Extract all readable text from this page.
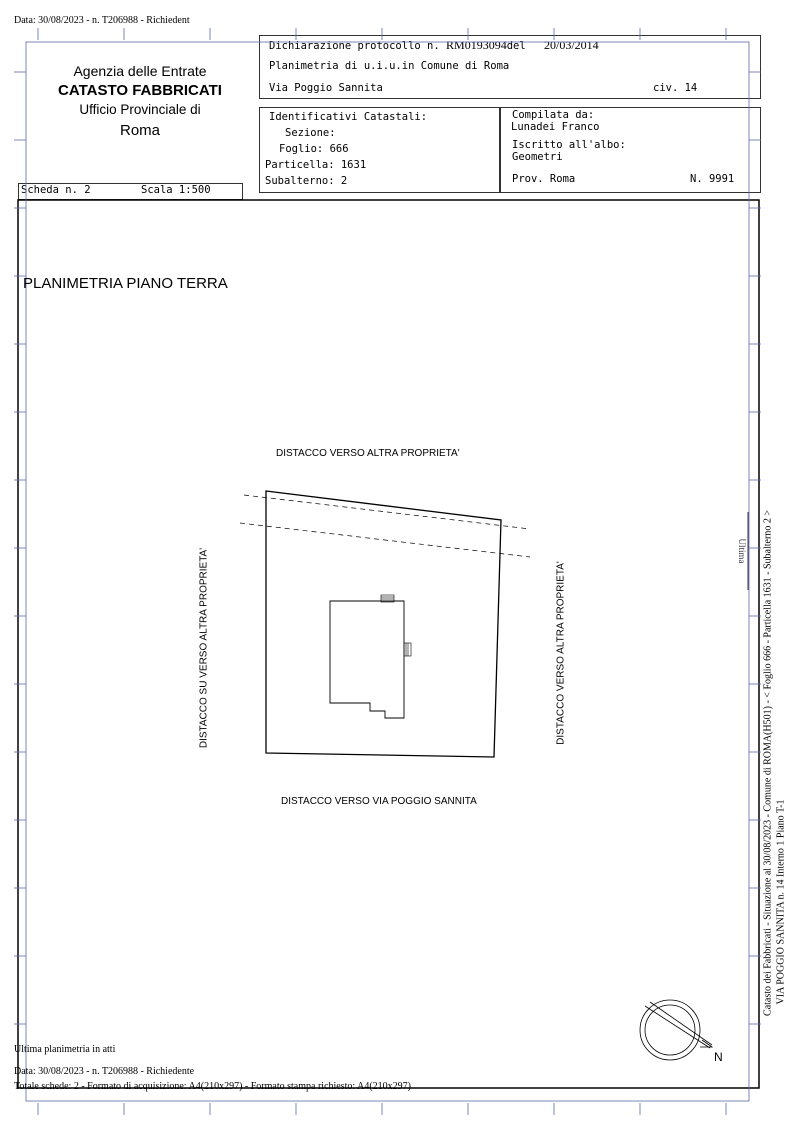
Data: 30/08/2023 - n. T206988 - Richiedent
Agenzia delle Entrate
CATASTO FABBRICATI
Ufficio Provinciale di
Roma
Dichiarazione protocollo n. RM0193094del 20/03/2014
Planimetria di u.i.u.in Comune di Roma
Via Poggio Sannita	civ. 14
Identificativi Catastali:
Sezione:
Foglio: 666
Particella: 1631
Subalterno: 2
Compilata da:
Lunadei Franco
Iscritto all'albo:
Geometri
Prov. Roma	N. 9991
Scheda n. 2	Scala 1:500
PLANIMETRIA PIANO TERRA
DISTACCO VERSO ALTRA PROPRIETA'
DISTACCO VERSO VIA POGGIO SANNITA
DISTACCO SU VERSO ALTRA PROPRIETA'	DISTACCO VERSO ALTRA PROPRIETA'
N
Catasto dei Fabbricati - Situazione al 30/08/2023 - Comune di ROMA(H501) - < Foglio 666 - Particella 1631 - Subalterno 2 > VIA POGGIO SANNITA n. 14 Interno 1 Piano T-1
Ultima
Ultima planimetria in atti
Data: 30/08/2023 - n. T206988 - Richiedente
Totale schede: 2 - Formato di acquisizione: A4(210x297) - Formato stampa richiesto: A4(210x297)
